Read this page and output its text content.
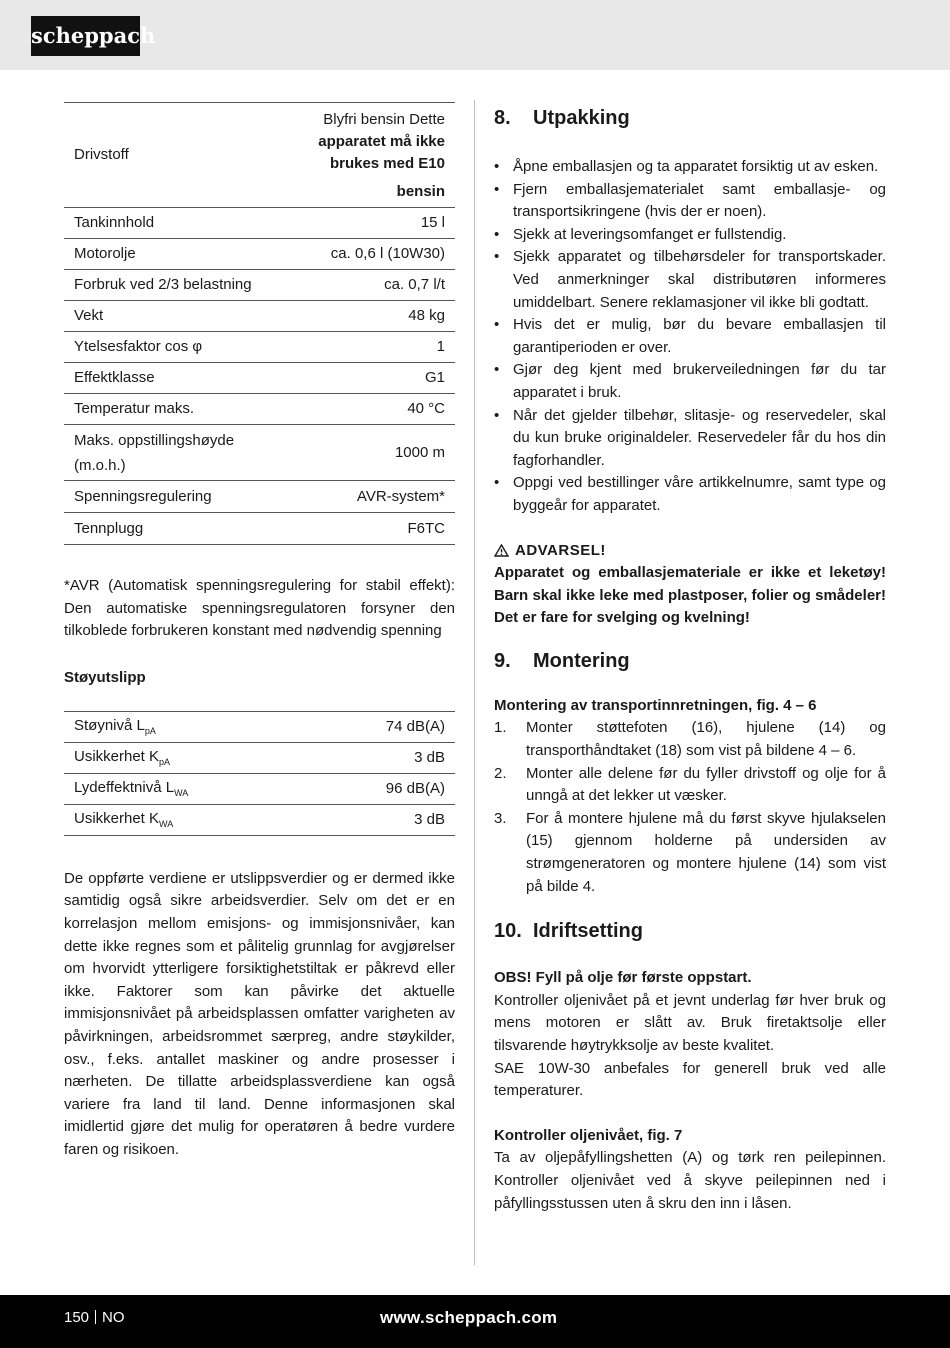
scheppach
Drivstoff	Blyfri bensin Dette
apparatet må ikke
brukes med E10
bensin

Tankinnhold	15 l
Motorolje	ca. 0,6 l (10W30)
Forbruk ved 2/3 belastning	ca. 0,7 l/t
Vekt	48 kg
Ytelsesfaktor cos φ	1
Effektklasse	G1
Temperatur maks.	40 °C
Maks. oppstillingshøyde (m.o.h.)	1000 m
Spenningsregulering	AVR-system*
Tennplugg	F6TC

*AVR (Automatisk spenningsregulering for stabil effekt): Den automatiske spenningsregulatoren forsyner den tilkoblede forbrukeren konstant med nødvendig spenning

Støyutslipp
Støynivå $L_{pA}$	74 dB(A)
Usikkerhet $K_{pA}$	3 dB
Lydeffektnivå $L_{WA}$	96 dB(A)
Usikkerhet $K_{WA}$	3 dB

De oppførte verdiene er utslippsverdier og er dermed ikke samtidig også sikre arbeidsverdier. Selv om det er en korrelasjon mellom emisjons- og immisjonsnivåer, kan dette ikke regnes som et pålitelig grunnlag for avgjørelser om hvorvidt ytterligere forsiktighetstiltak er påkrevd eller ikke. Faktorer som kan påvirke det aktuelle immisjonsnivået på arbeidsplassen omfatter varigheten av påvirkningen, arbeidsrommet særpreg, andre støykilder, osv., f.eks. antallet maskiner og andre prosesser i nærheten. De tillatte arbeidsplassverdiene kan også variere fra land til land. Denne informasjonen skal imidlertid gjøre det mulig for operatøren å bedre vurdere faren og risikoen.

8.	Utpakking
• Åpne emballasjen og ta apparatet forsiktig ut av esken.
• Fjern emballasjematerialet samt emballasje- og transportsikringene (hvis der er noen).
• Sjekk at leveringsomfanget er fullstendig.
• Sjekk apparatet og tilbehørsdeler for transportskader. Ved anmerkninger skal distributøren informeres umiddelbart. Senere reklamasjoner vil ikke bli godtatt.
• Hvis det er mulig, bør du bevare emballasjen til garantiperioden er over.
• Gjør deg kjent med brukerveiledningen før du tar apparatet i bruk.
• Når det gjelder tilbehør, slitasje- og reservedeler, skal du kun bruke originaldeler. Reservedeler får du hos din fagforhandler.
• Oppgi ved bestillinger våre artikkelnumre, samt type og byggeår for apparatet.
ADVARSEL!

Apparatet og emballasjemateriale er ikke et leketøy! Barn skal ikke leke med plastposer, folier og smådeler! Det er fare for svelging og kvelning!

9.	Montering
Montering av transportinnretningen, fig. 4 – 6
1. Monter støttefoten (16), hjulene (14) og transporthåndtaket (18) som vist på bildene 4 – 6.
2. Monter alle delene før du fyller drivstoff og olje for å unngå at det lekker ut væsker.
3. For å montere hjulene må du først skyve hjulakselen (15) gjennom holderne på undersiden av strømgeneratoren og montere hjulene (14) som vist på bilde 4.
10. Idriftsetting
OBS! Fyll på olje før første oppstart.

Kontroller oljenivået på et jevnt underlag før hver bruk og mens motoren er slått av. Bruk firetaktsolje eller tilsvarende høytrykksolje av beste kvalitet.

SAE 10W-30 anbefales for generell bruk ved alle temperaturer.

Kontroller oljenivået, fig. 7

Ta av oljepåfyllingshetten (A) og tørk ren peilepinnen. Kontroller oljenivået ved å skyve peilepinnen ned i påfyllingsstussen uten å skru den inn i låsen.

150 NO	www.scheppach.com
